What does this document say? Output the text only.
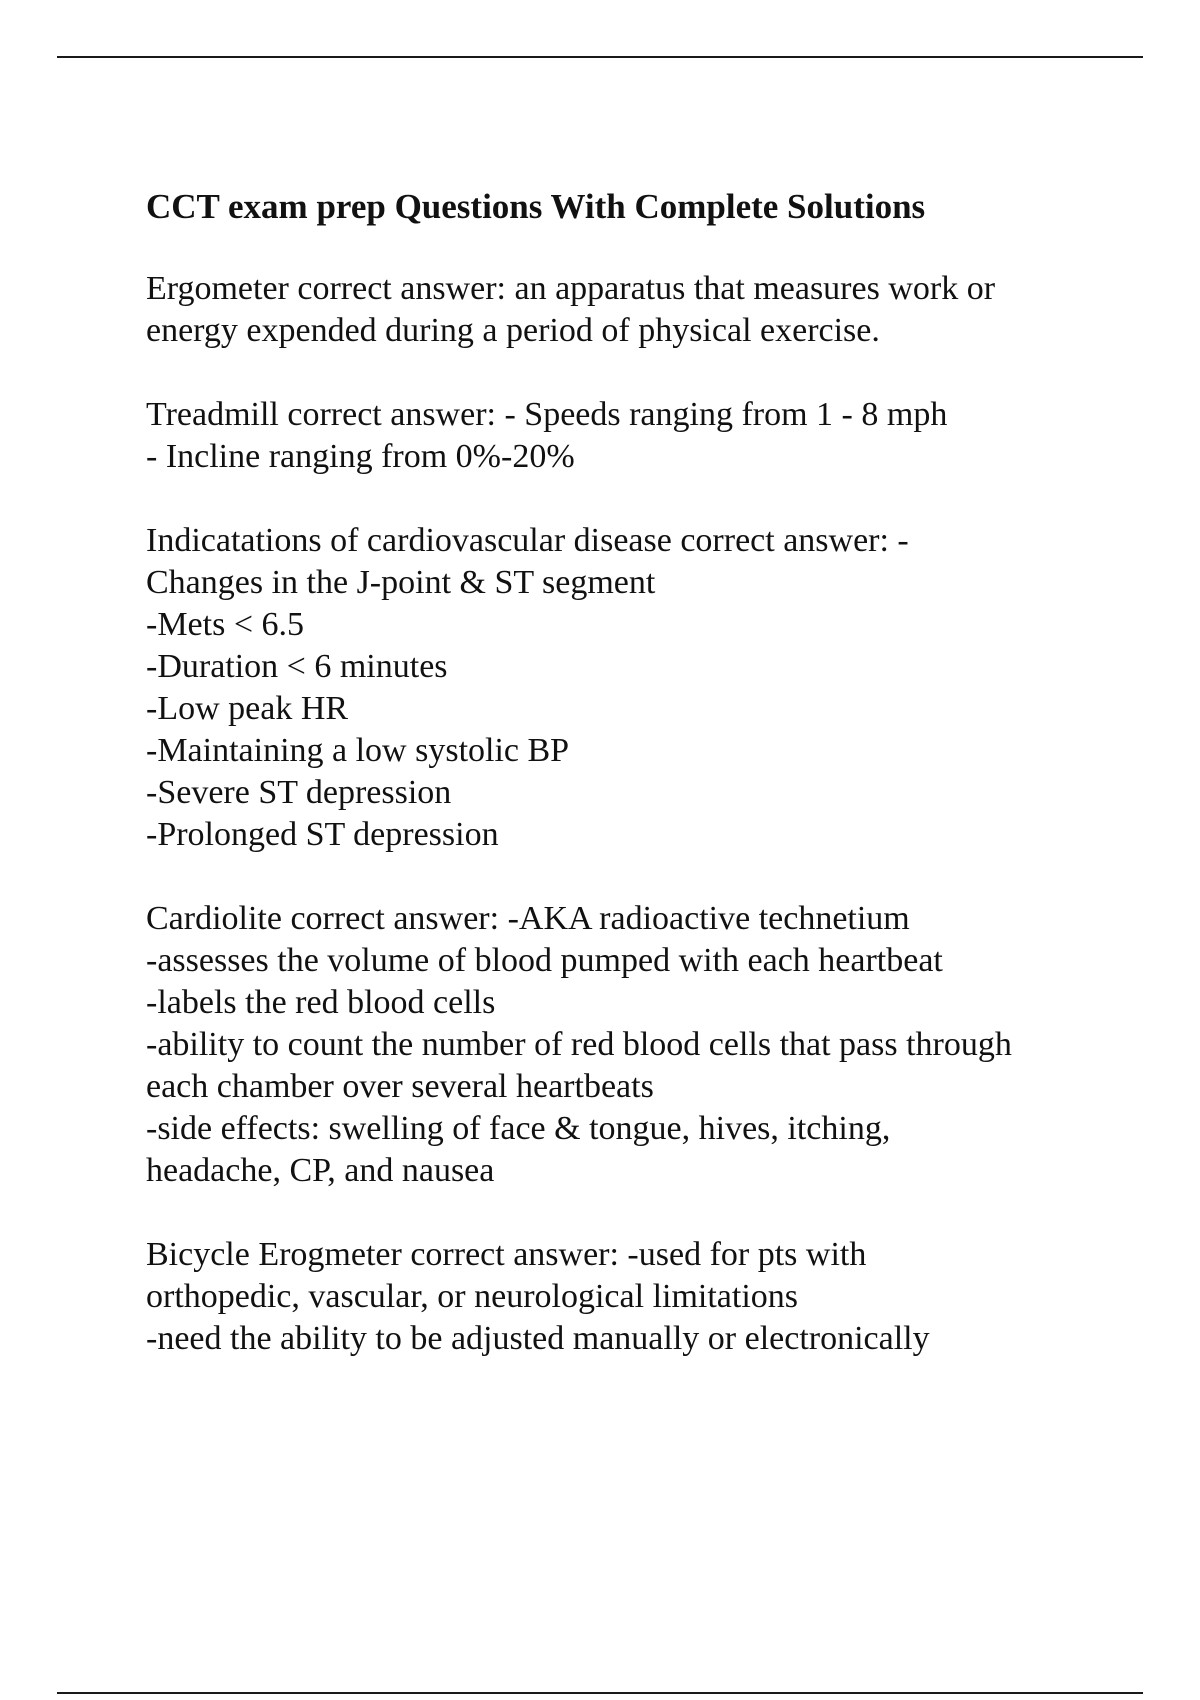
CCT exam prep Questions With Complete Solutions
Ergometer correct answer: an apparatus that measures work or
energy expended during a period of physical exercise.
Treadmill correct answer: - Speeds ranging from 1 - 8 mph
- Incline ranging from 0%-20%
Indicatations of cardiovascular disease correct answer: -
Changes in the J-point & ST segment
-Mets < 6.5
-Duration < 6 minutes
-Low peak HR
-Maintaining a low systolic BP
-Severe ST depression
-Prolonged ST depression
Cardiolite correct answer: -AKA radioactive technetium
-assesses the volume of blood pumped with each heartbeat
-labels the red blood cells
-ability to count the number of red blood cells that pass through
each chamber over several heartbeats
-side effects: swelling of face & tongue, hives, itching,
headache, CP, and nausea
Bicycle Erogmeter correct answer: -used for pts with
orthopedic, vascular, or neurological limitations
-need the ability to be adjusted manually or electronically
